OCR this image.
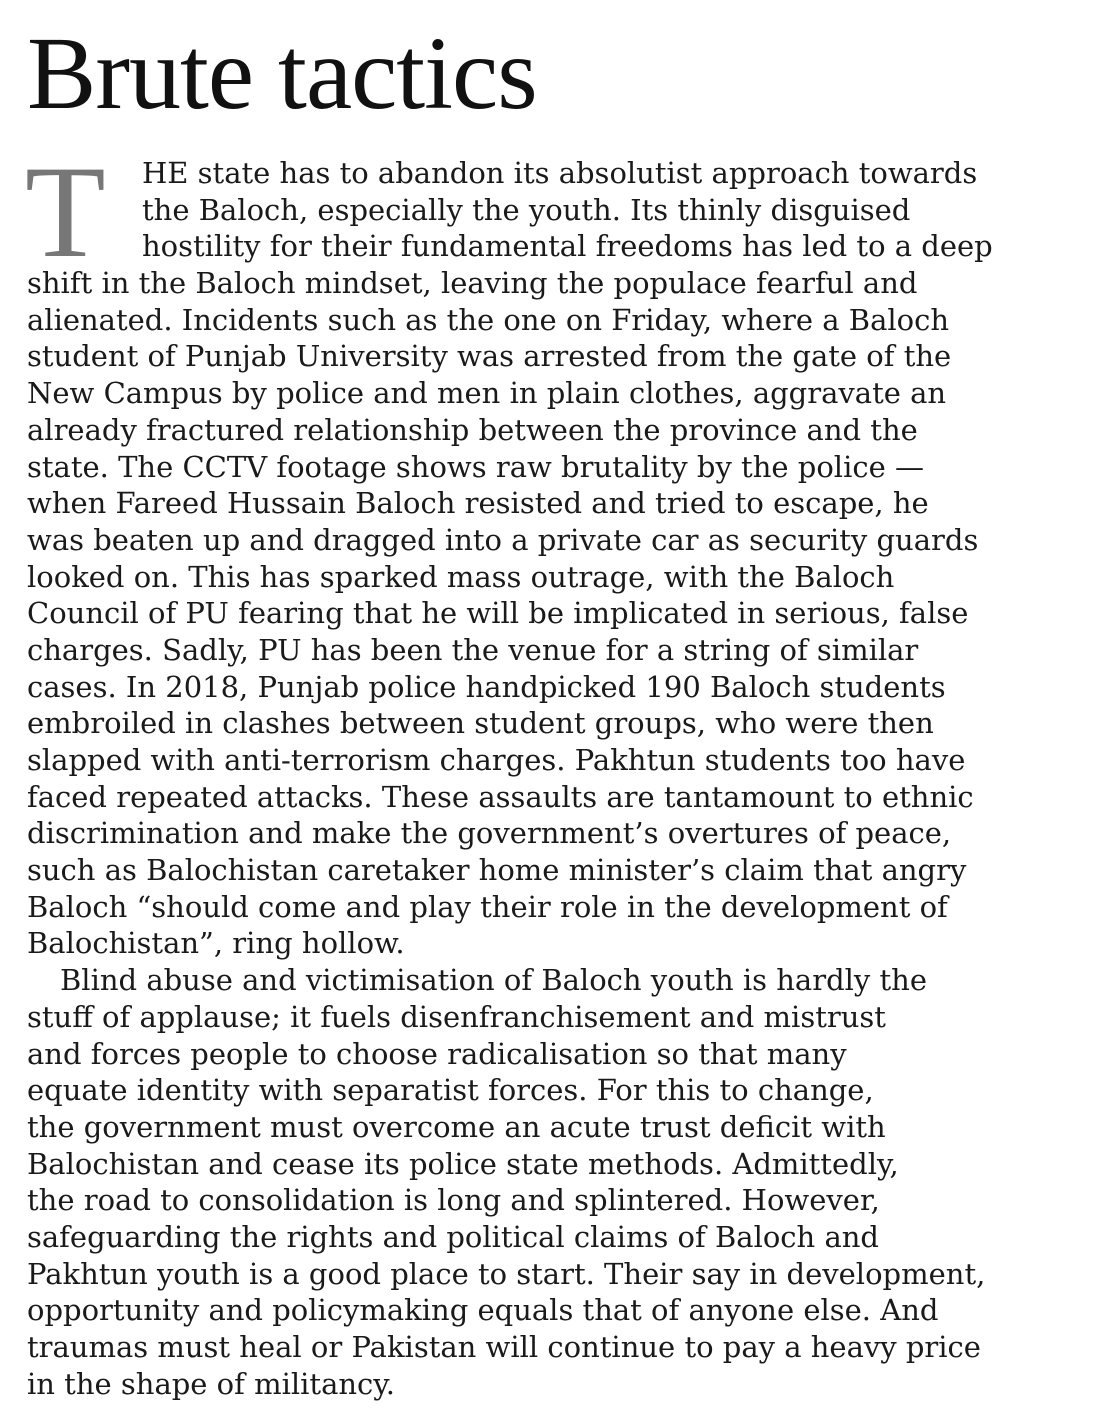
Brute tactics
T	HE state has to abandon its absolutist approach towards
the Baloch, especially the youth. Its thinly disguised
hostility for their fundamental freedoms has led to a deep
shift in the Baloch mindset, leaving the populace fearful and
alienated. Incidents such as the one on Friday, where a Baloch
student of Punjab University was arrested from the gate of the
New Campus by police and men in plain clothes, aggravate an
already fractured relationship between the province and the
state. The CCTV footage shows raw brutality by the police —
when Fareed Hussain Baloch resisted and tried to escape, he
was beaten up and dragged into a private car as security guards
looked on. This has sparked mass outrage, with the Baloch
Council of PU fearing that he will be implicated in serious, false
charges. Sadly, PU has been the venue for a string of similar
cases. In 2018, Punjab police handpicked 190 Baloch students
embroiled in clashes between student groups, who were then
slapped with anti-terrorism charges. Pakhtun students too have
faced repeated attacks. These assaults are tantamount to ethnic
discrimination and make the government’s overtures of peace,
such as Balochistan caretaker home minister’s claim that angry
Baloch “should come and play their role in the development of
Balochistan”, ring hollow.
Blind abuse and victimisation of Baloch youth is hardly the
stuff of applause; it fuels disenfranchisement and mistrust
and forces people to choose radicalisation so that many
equate identity with separatist forces. For this to change,
the government must overcome an acute trust deficit with
Balochistan and cease its police state methods. Admittedly,
the road to consolidation is long and splintered. However,
safeguarding the rights and political claims of Baloch and
Pakhtun youth is a good place to start. Their say in development,
opportunity and policymaking equals that of anyone else. And
traumas must heal or Pakistan will continue to pay a heavy price
in the shape of militancy.
